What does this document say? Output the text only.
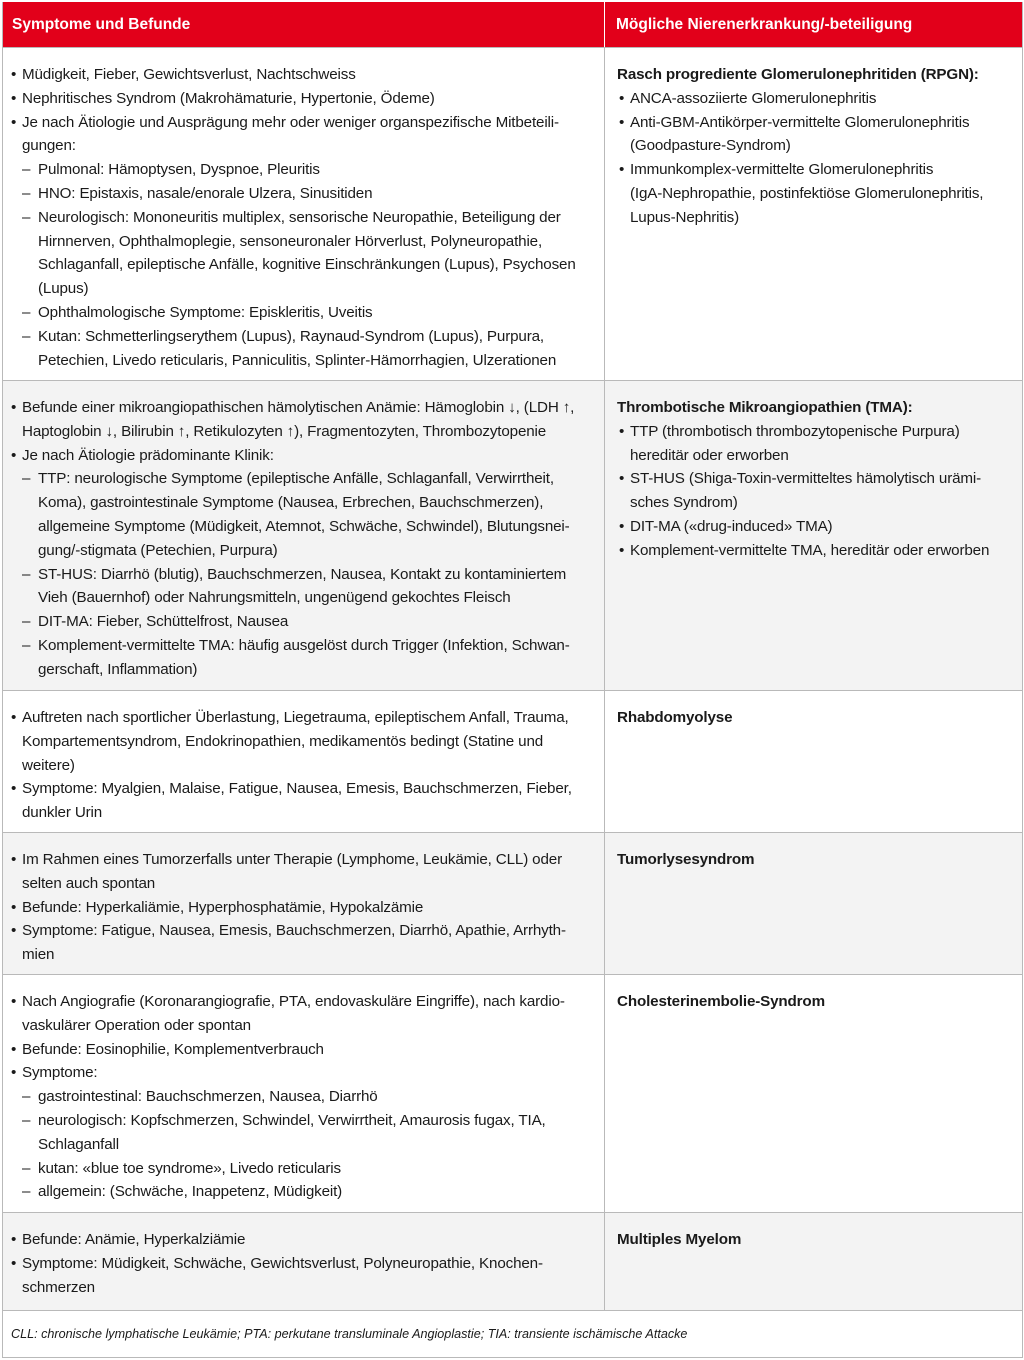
Symptome und Befunde	Mögliche Nierenerkrankung/-beteiligung
• Müdigkeit, Fieber, Gewichtsverlust, Nachtschweiss
• Nephritisches Syndrom (Makrohämaturie, Hypertonie, Ödeme)
• Je nach Ätiologie und Ausprägung mehr oder weniger organspezifische Mitbeteili-
gungen:
– Pulmonal: Hämoptysen, Dyspnoe, Pleuritis
– HNO: Epistaxis, nasale/enorale Ulzera, Sinusitiden
– Neurologisch: Mononeuritis multiplex, sensorische Neuropathie, Beteiligung der
Hirnnerven, Ophthalmoplegie, sensoneuronaler Hörverlust, Polyneuropathie,
Schlaganfall, epileptische Anfälle, kognitive Einschränkungen (Lupus), Psychosen
(Lupus)
– Ophthalmologische Symptome: Episkleritis, Uveitis
– Kutan: Schmetterlingserythem (Lupus), Raynaud-Syndrom (Lupus), Purpura,
Petechien, Livedo reticularis, Panniculitis, Splinter-Hämorrhagien, Ulzerationen
Rasch progrediente Glomerulonephritiden (RPGN):
• ANCA-assoziierte Glomerulonephritis
• Anti-GBM-Antikörper-vermittelte Glomerulonephritis
(Goodpasture-Syndrom)
• Immunkomplex-vermittelte Glomerulonephritis
(IgA-Nephropathie, postinfektiöse Glomerulonephritis,
Lupus-Nephritis)
• Befunde einer mikroangiopathischen hämolytischen Anämie: Hämoglobin ↓, (LDH ↑,
Haptoglobin ↓, Bilirubin ↑, Retikulozyten ↑), Fragmentozyten, Thrombozytopenie
• Je nach Ätiologie prädominante Klinik:
– TTP: neurologische Symptome (epileptische Anfälle, Schlaganfall, Verwirrtheit,
Koma), gastrointestinale Symptome (Nausea, Erbrechen, Bauchschmerzen),
allgemeine Symptome (Müdigkeit, Atemnot, Schwäche, Schwindel), Blutungsnei-
gung/-stigmata (Petechien, Purpura)
– ST-HUS: Diarrhö (blutig), Bauchschmerzen, Nausea, Kontakt zu kontaminiertem
Vieh (Bauernhof) oder Nahrungsmitteln, ungenügend gekochtes Fleisch
– DIT-MA: Fieber, Schüttelfrost, Nausea
– Komplement-vermittelte TMA: häufig ausgelöst durch Trigger (Infektion, Schwan-
gerschaft, Inflammation)
Thrombotische Mikroangiopathien (TMA):
• TTP (thrombotisch thrombozytopenische Purpura)
hereditär oder erworben
• ST-HUS (Shiga-Toxin-vermitteltes hämolytisch urämi-
sches Syndrom)
• DIT-MA («drug-induced» TMA)
• Komplement-vermittelte TMA, hereditär oder erworben
• Auftreten nach sportlicher Überlastung, Liegetrauma, epileptischem Anfall, Trauma,
Kompartementsyndrom, Endokrinopathien, medikamentös bedingt (Statine und
weitere)
• Symptome: Myalgien, Malaise, Fatigue, Nausea, Emesis, Bauchschmerzen, Fieber,
dunkler Urin
Rhabdomyolyse
• Im Rahmen eines Tumorzerfalls unter Therapie (Lymphome, Leukämie, CLL) oder
selten auch spontan
• Befunde: Hyperkaliämie, Hyperphosphatämie, Hypokalzämie
• Symptome: Fatigue, Nausea, Emesis, Bauchschmerzen, Diarrhö, Apathie, Arrhyth-
mien
Tumorlysesyndrom
• Nach Angiografie (Koronarangiografie, PTA, endovaskuläre Eingriffe), nach kardio-
vaskulärer Operation oder spontan
• Befunde: Eosinophilie, Komplementverbrauch
• Symptome:
– gastrointestinal: Bauchschmerzen, Nausea, Diarrhö
– neurologisch: Kopfschmerzen, Schwindel, Verwirrtheit, Amaurosis fugax, TIA,
Schlaganfall
– kutan: «blue toe syndrome», Livedo reticularis
– allgemein: (Schwäche, Inappetenz, Müdigkeit)
Cholesterinembolie-Syndrom
• Befunde: Anämie, Hyperkalziämie
• Symptome: Müdigkeit, Schwäche, Gewichtsverlust, Polyneuropathie, Knochen-
schmerzen
Multiples Myelom
CLL: chronische lymphatische Leukämie; PTA: perkutane transluminale Angioplastie; TIA: transiente ischämische Attacke
